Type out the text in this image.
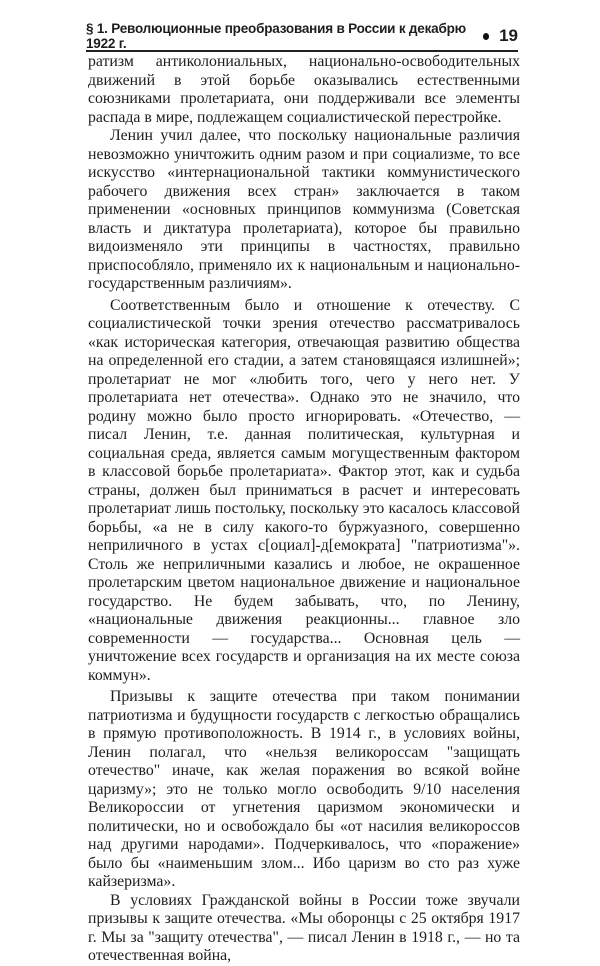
§ 1. Революционные преобразования в России к декабрю 1922 г.	19

ратизм антиколониальных, национально-освободительных движений в этой борьбе оказывались естественными союзниками пролетариата, они поддерживали все элементы распада в мире, подлежащем социалистической перестройке.

Ленин учил далее, что поскольку национальные различия невозможно уничтожить одним разом и при социализме, то все искусство «интернациональной тактики коммунистического рабочего движения всех стран» заключается в таком применении «основных принципов коммунизма (Советская власть и диктатура пролетариата), которое бы правильно видоизменяло эти принципы в частностях, правильно приспособляло, применяло их к национальным и национально-государственным различиям».

Соответственным было и отношение к отечеству. С социалистической точки зрения отечество рассматривалось «как историческая категория, отвечающая развитию общества на определенной его стадии, а затем становящаяся излишней»; пролетариат не мог «любить того, чего у него нет. У пролетариата нет отечества». Однако это не значило, что родину можно было просто игнорировать. «Отечество, — писал Ленин, т.е. данная политическая, культурная и социальная среда, является самым могущественным фактором в классовой борьбе пролетариата». Фактор этот, как и судьба страны, должен был приниматься в расчет и интересовать пролетариат лишь постольку, поскольку это касалось классовой борьбы, «а не в силу какого-то буржуазного, совершенно неприличного в устах с[оциал]-д[емократа] "патриотизма"». Столь же неприличными казались и любое, не окрашенное пролетарским цветом национальное движение и национальное государство. Не будем забывать, что, по Ленину, «национальные движения реакционны... главное зло современности — государства... Основная цель — уничтожение всех государств и организация на их месте союза коммун».

Призывы к защите отечества при таком понимании патриотизма и будущности государств с легкостью обращались в прямую противоположность. В 1914 г., в условиях войны, Ленин полагал, что «нельзя великороссам "защищать отечество" иначе, как желая поражения во всякой войне царизму»; это не только могло освободить 9/10 населения Великороссии от угнетения царизмом экономически и политически, но и освобождало бы «от насилия великороссов над другими народами». Подчеркивалось, что «поражение» было бы «наименьшим злом... Ибо царизм во сто раз хуже кайзеризма».

В условиях Гражданской войны в России тоже звучали призывы к защите отечества. «Мы оборонцы с 25 октября 1917 г. Мы за "защиту отечества", — писал Ленин в 1918 г., — но та отечественная война,
